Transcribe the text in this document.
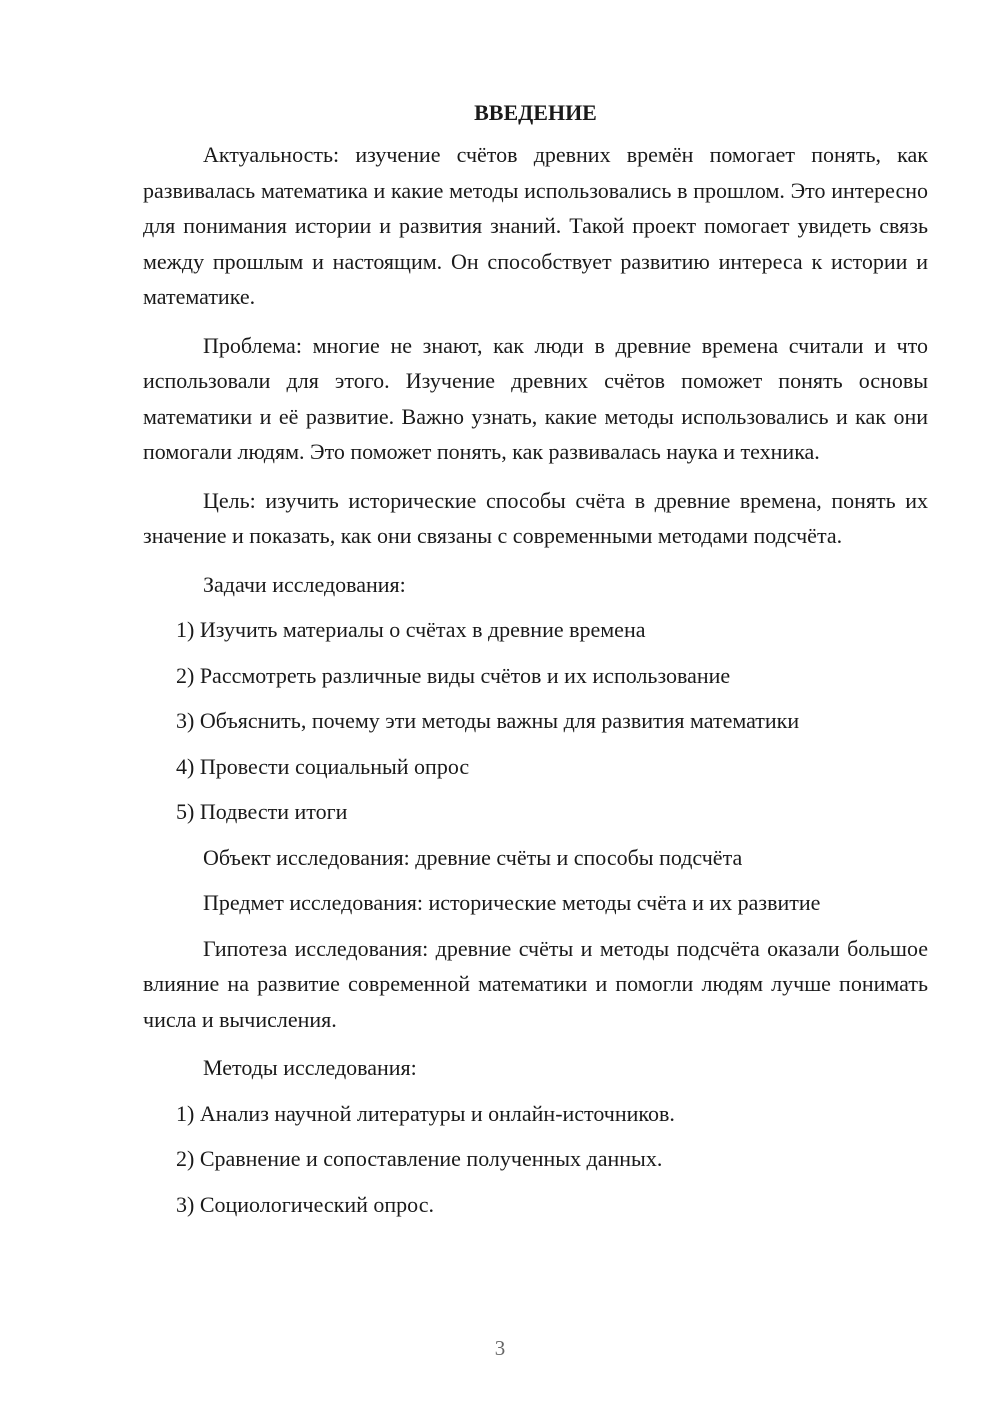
ВВЕДЕНИЕ

Актуальность: изучение счётов древних времён помогает понять, как развивалась математика и какие методы использовались в прошлом. Это интересно для понимания истории и развития знаний. Такой проект помогает увидеть связь между прошлым и настоящим. Он способствует развитию интереса к истории и математике.

Проблема: многие не знают, как люди в древние времена считали и что использовали для этого. Изучение древних счётов поможет понять основы математики и её развитие. Важно узнать, какие методы использовались и как они помогали людям. Это поможет понять, как развивалась наука и техника.

Цель: изучить исторические способы счёта в древние времена, понять их значение и показать, как они связаны с современными методами подсчёта.

Задачи исследования:
1) Изучить материалы о счётах в древние времена
2) Рассмотреть различные виды счётов и их использование
3) Объяснить, почему эти методы важны для развития математики
4) Провести социальный опрос
5) Подвести итоги
Объект исследования: древние счёты и способы подсчёта
Предмет исследования: исторические методы счёта и их развитие

Гипотеза исследования: древние счёты и методы подсчёта оказали большое влияние на развитие современной математики и помогли людям лучше понимать числа и вычисления.

Методы исследования:
1) Анализ научной литературы и онлайн-источников.
2) Сравнение и сопоставление полученных данных.
3) Социологический опрос.
3
